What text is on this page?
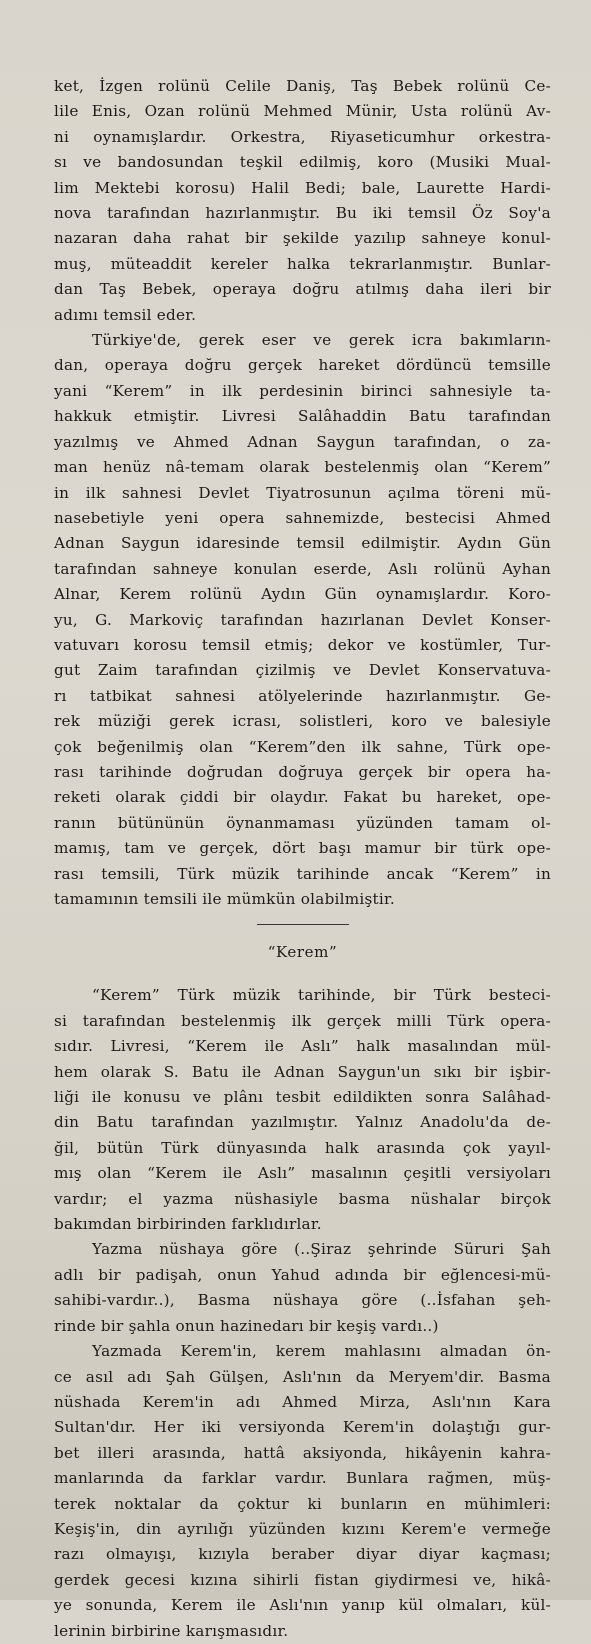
ket, İzgen rolünü Celile Daniş, Taş Bebek rolünü Ce-
lile Enis, Ozan rolünü Mehmed Münir, Usta rolünü Av-
ni oynamışlardır. Orkestra, Riyaseticumhur orkestra-
sı ve bandosundan teşkil edilmiş, koro (Musiki Mual-
lim Mektebi korosu) Halil Bedi; bale, Laurette Hardi-
nova tarafından hazırlanmıştır. Bu iki temsil Öz Soy'a
nazaran daha rahat bir şekilde yazılıp sahneye konul-
muş, müteaddit kereler halka tekrarlanmıştır. Bunlar-
dan Taş Bebek, operaya doğru atılmış daha ileri bir
adımı temsil eder.

Türkiye'de, gerek eser ve gerek icra bakımların-
dan, operaya doğru gerçek hareket dördüncü temsille
yani “Kerem” in ilk perdesinin birinci sahnesiyle ta-
hakkuk etmiştir. Livresi Salâhaddin Batu tarafından
yazılmış ve Ahmed Adnan Saygun tarafından, o za-
man henüz nâ-temam olarak bestelenmiş olan “Kerem”
in ilk sahnesi Devlet Tiyatrosunun açılma töreni mü-
nasebetiyle yeni opera sahnemizde, bestecisi Ahmed
Adnan Saygun idaresinde temsil edilmiştir. Aydın Gün
tarafından sahneye konulan eserde, Aslı rolünü Ayhan
Alnar, Kerem rolünü Aydın Gün oynamışlardır. Koro-
yu, G. Markoviç tarafından hazırlanan Devlet Konser-
vatuvarı korosu temsil etmiş; dekor ve kostümler, Tur-
gut Zaim tarafından çizilmiş ve Devlet Konservatuva-
rı tatbikat sahnesi atölyelerinde hazırlanmıştır. Ge-
rek müziği gerek icrası, solistleri, koro ve balesiyle
çok beğenilmiş olan “Kerem”den ilk sahne, Türk ope-
rası tarihinde doğrudan doğruya gerçek bir opera ha-
reketi olarak çiddi bir olaydır. Fakat bu hareket, ope-
ranın bütününün öynanmaması yüzünden tamam ol-
mamış, tam ve gerçek, dört başı mamur bir türk ope-
rası temsili, Türk müzik tarihinde ancak “Kerem” in
tamamının temsili ile mümkün olabilmiştir.

“Kerem”

“Kerem” Türk müzik tarihinde, bir Türk besteci-
si tarafından bestelenmiş ilk gerçek milli Türk opera-
sıdır. Livresi, “Kerem ile Aslı” halk masalından mül-
hem olarak S. Batu ile Adnan Saygun'un sıkı bir işbir-
liği ile konusu ve plânı tesbit edildikten sonra Salâhad-
din Batu tarafından yazılmıştır. Yalnız Anadolu'da de-
ğil, bütün Türk dünyasında halk arasında çok yayıl-
mış olan “Kerem ile Aslı” masalının çeşitli versiyoları
vardır; el yazma nüshasiyle basma nüshalar birçok
bakımdan birbirinden farklıdırlar.

Yazma nüshaya göre (..Şiraz şehrinde Süruri Şah
adlı bir padişah, onun Yahud adında bir eğlencesi-mü-
sahibi-vardır..), Basma nüshaya göre (..İsfahan şeh-
rinde bir şahla onun hazinedarı bir keşiş vardı..)

Yazmada Kerem'in, kerem mahlasını almadan ön-
ce asıl adı Şah Gülşen, Aslı'nın da Meryem'dir. Basma
nüshada Kerem'in adı Ahmed Mirza, Aslı'nın Kara
Sultan'dır. Her iki versiyonda Kerem'in dolaştığı gur-
bet illeri arasında, hattâ aksiyonda, hikâyenin kahra-
manlarında da farklar vardır. Bunlara rağmen, müş-
terek noktalar da çoktur ki bunların en mühimleri:
Keşiş'in, din ayrılığı yüzünden kızını Kerem'e vermeğe
razı olmayışı, kızıyla beraber diyar diyar kaçması;
gerdek gecesi kızına sihirli fistan giydirmesi ve, hikâ-
ye sonunda, Kerem ile Aslı'nın yanıp kül olmaları, kül-
lerinin birbirine karışmasıdır.
